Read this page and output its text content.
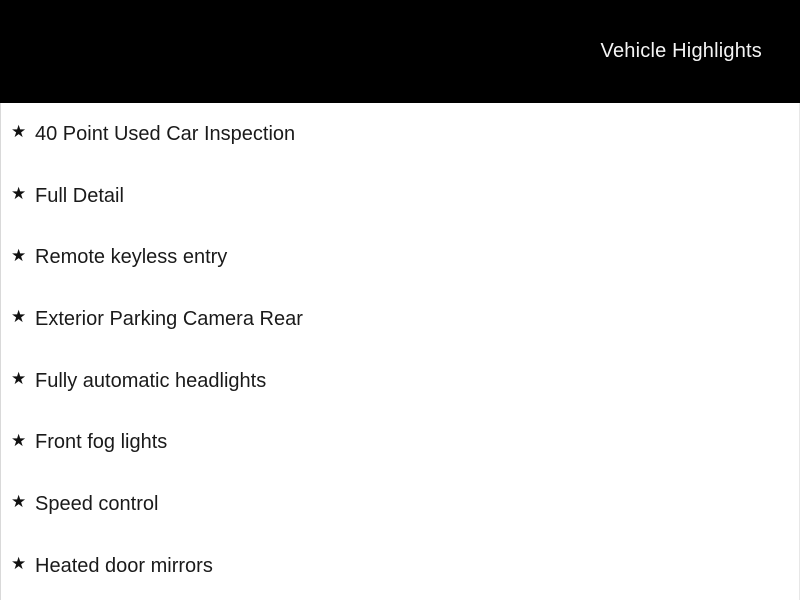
Vehicle Highlights
★ 40 Point Used Car Inspection
★ Full Detail
★ Remote keyless entry
★ Exterior Parking Camera Rear
★ Fully automatic headlights
★ Front fog lights
★ Speed control
★ Heated door mirrors
